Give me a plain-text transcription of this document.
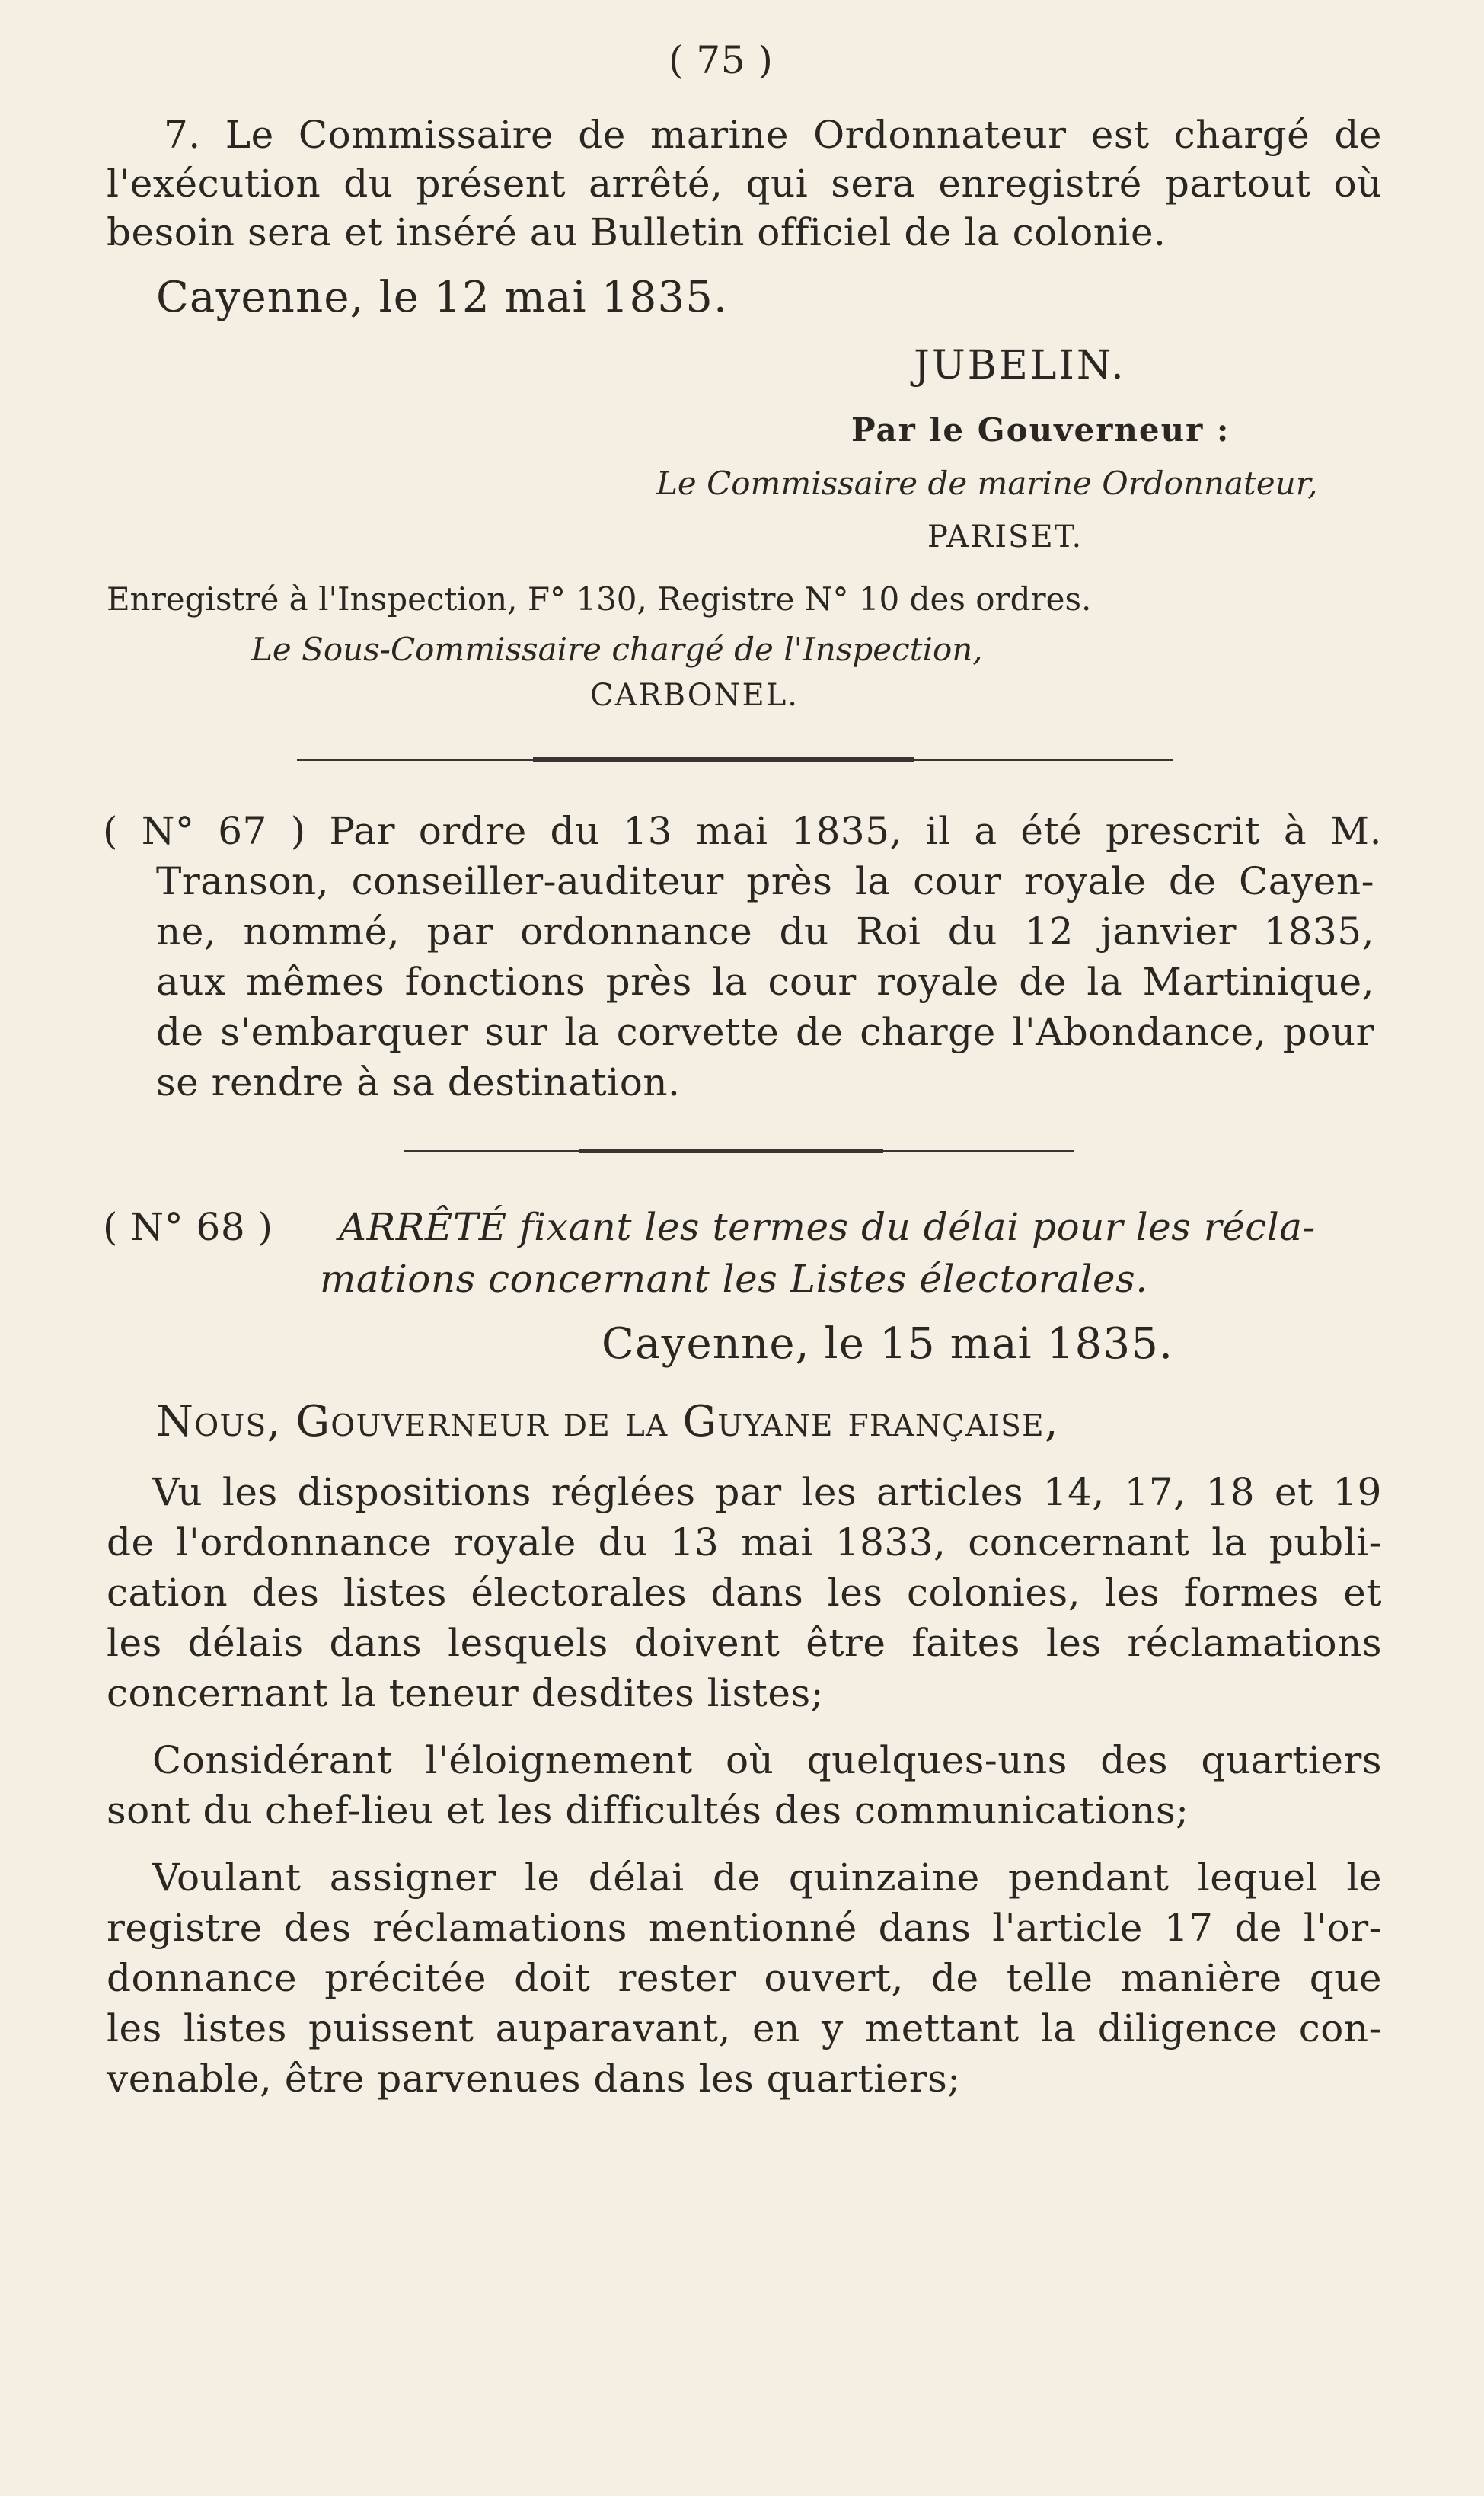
( 75 )
7. Le Commissaire de marine Ordonnateur est chargé de
l'exécution du présent arrêté, qui sera enregistré partout où
besoin sera et inséré au Bulletin officiel de la colonie.
Cayenne, le 12 mai 1835.
JUBELIN.
Par le Gouverneur :
Le Commissaire de marine Ordonnateur,
PARISET.
Enregistré à l'Inspection, F° 130, Registre N° 10 des ordres.
Le Sous-Commissaire chargé de l'Inspection,
CARBONEL.
( N° 67 ) Par ordre du 13 mai 1835, il a été prescrit à M.
Transon, conseiller-auditeur près la cour royale de Cayen-
ne, nommé, par ordonnance du Roi du 12 janvier 1835,
aux mêmes fonctions près la cour royale de la Martinique,
de s'embarquer sur la corvette de charge l'Abondance, pour
se rendre à sa destination.
( N° 68 ) ARRÊTÉ fixant les termes du délai pour les récla-
mations concernant les Listes électorales.
Cayenne, le 15 mai 1835.
Nous, Gouverneur de la Guyane française,
Vu les dispositions réglées par les articles 14, 17, 18 et 19
de l'ordonnance royale du 13 mai 1833, concernant la publi-
cation des listes électorales dans les colonies, les formes et
les délais dans lesquels doivent être faites les réclamations
concernant la teneur desdites listes;
Considérant l'éloignement où quelques-uns des quartiers
sont du chef-lieu et les difficultés des communications;
Voulant assigner le délai de quinzaine pendant lequel le
registre des réclamations mentionné dans l'article 17 de l'or-
donnance précitée doit rester ouvert, de telle manière que
les listes puissent auparavant, en y mettant la diligence con-
venable, être parvenues dans les quartiers;
